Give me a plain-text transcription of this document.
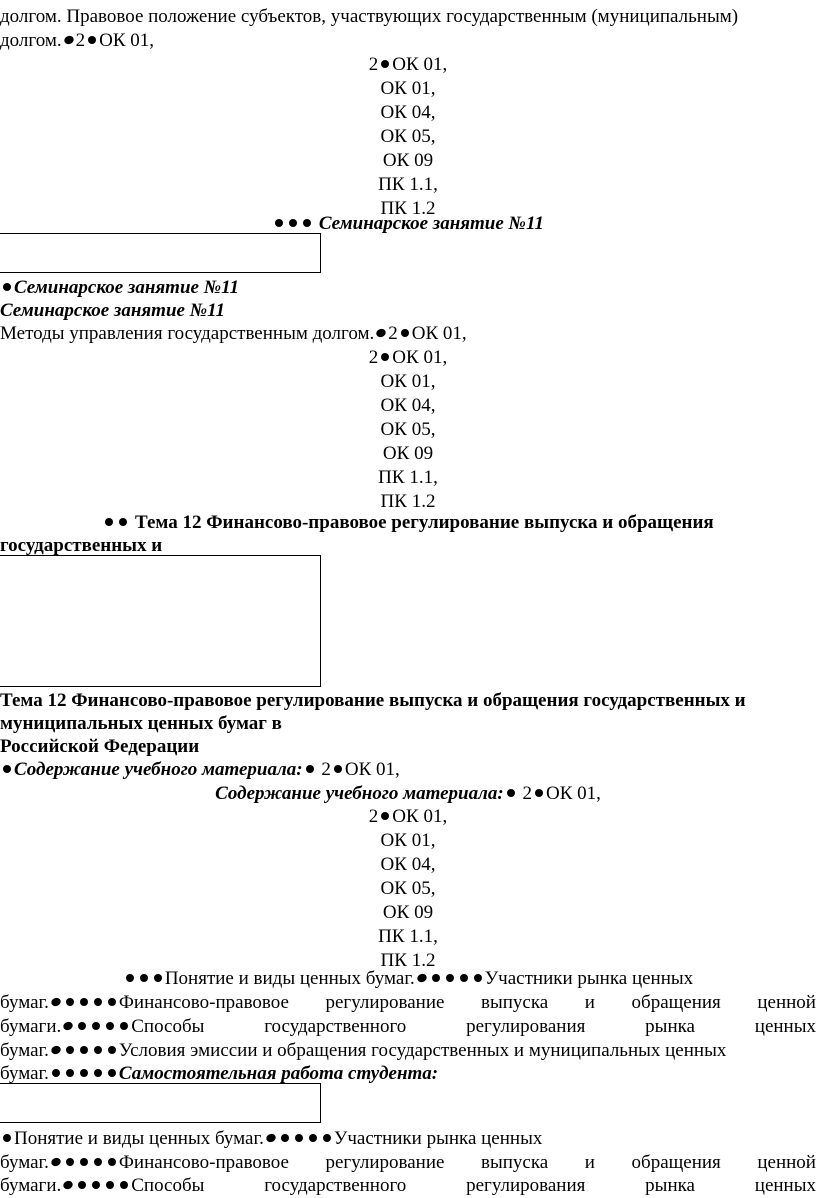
долгом. Правовое положение субъектов, участвующих государственным (муниципальным)
долгом. 2 ОК 01,
2 ОК 01,
ОК 01,
ОК 04,
ОК 05,
ОК 09
ПК 1.1,
ПК 1.2
Семинарское занятие №11
Семинарское занятие №11
Семинарское занятие №11
Методы управления государственным долгом. 2 ОК 01,
2 ОК 01,
ОК 01,
ОК 04,
ОК 05,
ОК 09
ПК 1.1,
ПК 1.2
Тема 12 Финансово-правовое регулирование выпуска и обращения
государственных и
Тема 12 Финансово-правовое регулирование выпуска и обращения государственных и
муниципальных ценных бумаг в
Российской Федерации
Содержание учебного материала: 2 ОК 01,
Содержание учебного материала: 2 ОК 01,
2 ОК 01,
ОК 01,
ОК 04,
ОК 05,
ОК 09
ПК 1.1,
ПК 1.2
Понятие и виды ценных бумаг.	Участники рынка ценных
бумаг.	Финансово-правовое регулирование выпуска и обращения ценной
бумаги.	Способы	государственного	регулирования	рынка	ценных
бумаг.	Условия эмиссии и обращения государственных и муниципальных ценных
бумаг.	Самостоятельная работа студента:
Понятие и виды ценных бумаг.	Участники рынка ценных
бумаг.	Финансово-правовое регулирование выпуска и обращения ценной
бумаги.	Способы	государственного	регулирования	рынка	ценных
